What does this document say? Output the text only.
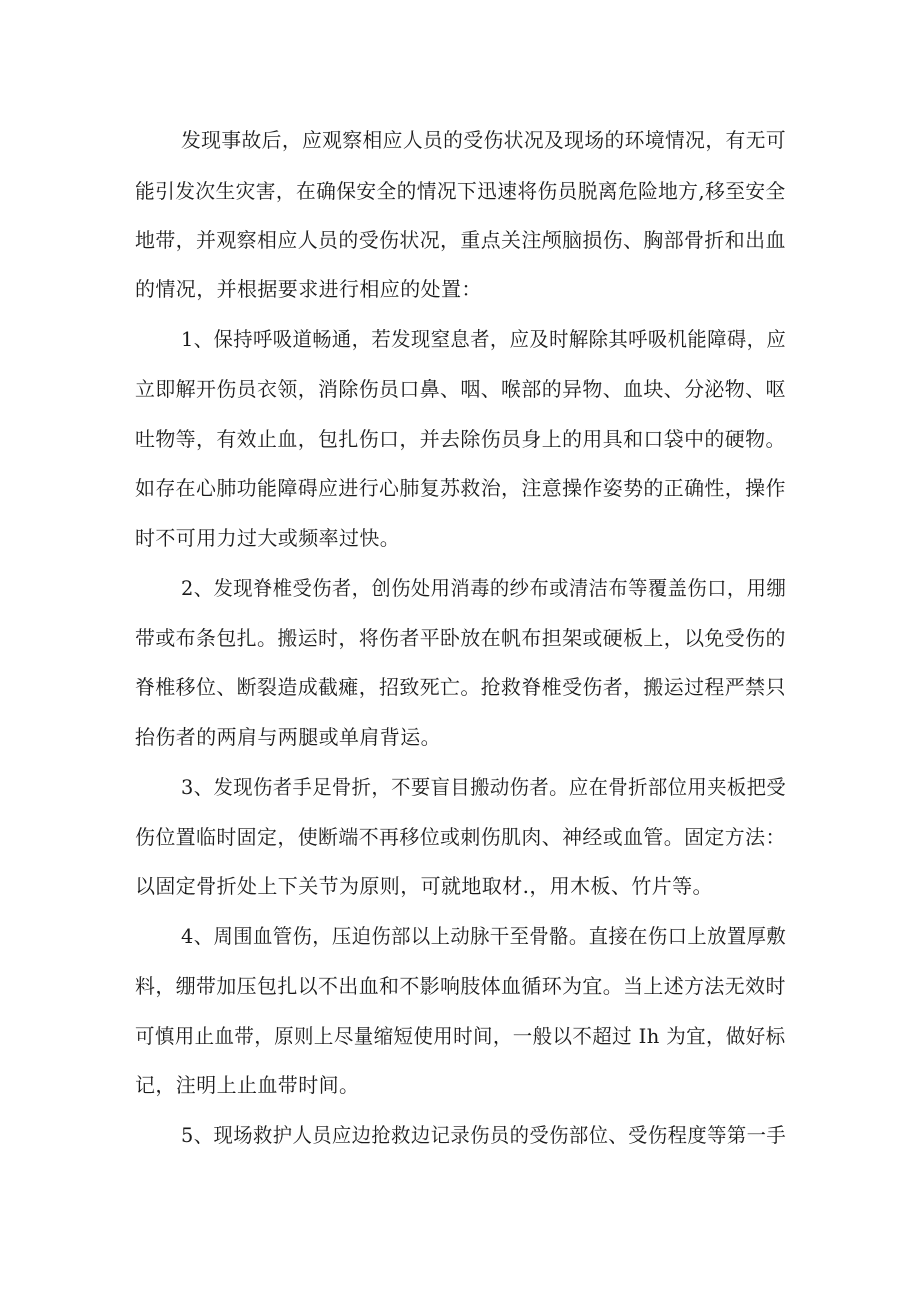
发现事故后，应观察相应人员的受伤状况及现场的环境情况，有无可
能引发次生灾害，在确保安全的情况下迅速将伤员脱离危险地方,移至安全
地带，并观察相应人员的受伤状况，重点关注颅脑损伤、胸部骨折和出血
的情况，并根据要求进行相应的处置：
1、保持呼吸道畅通，若发现窒息者，应及时解除其呼吸机能障碍，应
立即解开伤员衣领，消除伤员口鼻、咽、喉部的异物、血块、分泌物、呕
吐物等，有效止血，包扎伤口，并去除伤员身上的用具和口袋中的硬物。
如存在心肺功能障碍应进行心肺复苏救治，注意操作姿势的正确性，操作
时不可用力过大或频率过快。
2、发现脊椎受伤者，创伤处用消毒的纱布或清洁布等覆盖伤口，用绷
带或布条包扎。搬运时，将伤者平卧放在帆布担架或硬板上，以免受伤的
脊椎移位、断裂造成截瘫，招致死亡。抢救脊椎受伤者，搬运过程严禁只
抬伤者的两肩与两腿或单肩背运。
3、发现伤者手足骨折，不要盲目搬动伤者。应在骨折部位用夹板把受
伤位置临时固定，使断端不再移位或刺伤肌肉、神经或血管。固定方法：
以固定骨折处上下关节为原则，可就地取材.，用木板、竹片等。
4、周围血管伤，压迫伤部以上动脉干至骨骼。直接在伤口上放置厚敷
料，绷带加压包扎以不出血和不影响肢体血循环为宜。当上述方法无效时
可慎用止血带，原则上尽量缩短使用时间，一般以不超过 Ih 为宜，做好标
记，注明上止血带时间。
5、现场救护人员应边抢救边记录伤员的受伤部位、受伤程度等第一手
